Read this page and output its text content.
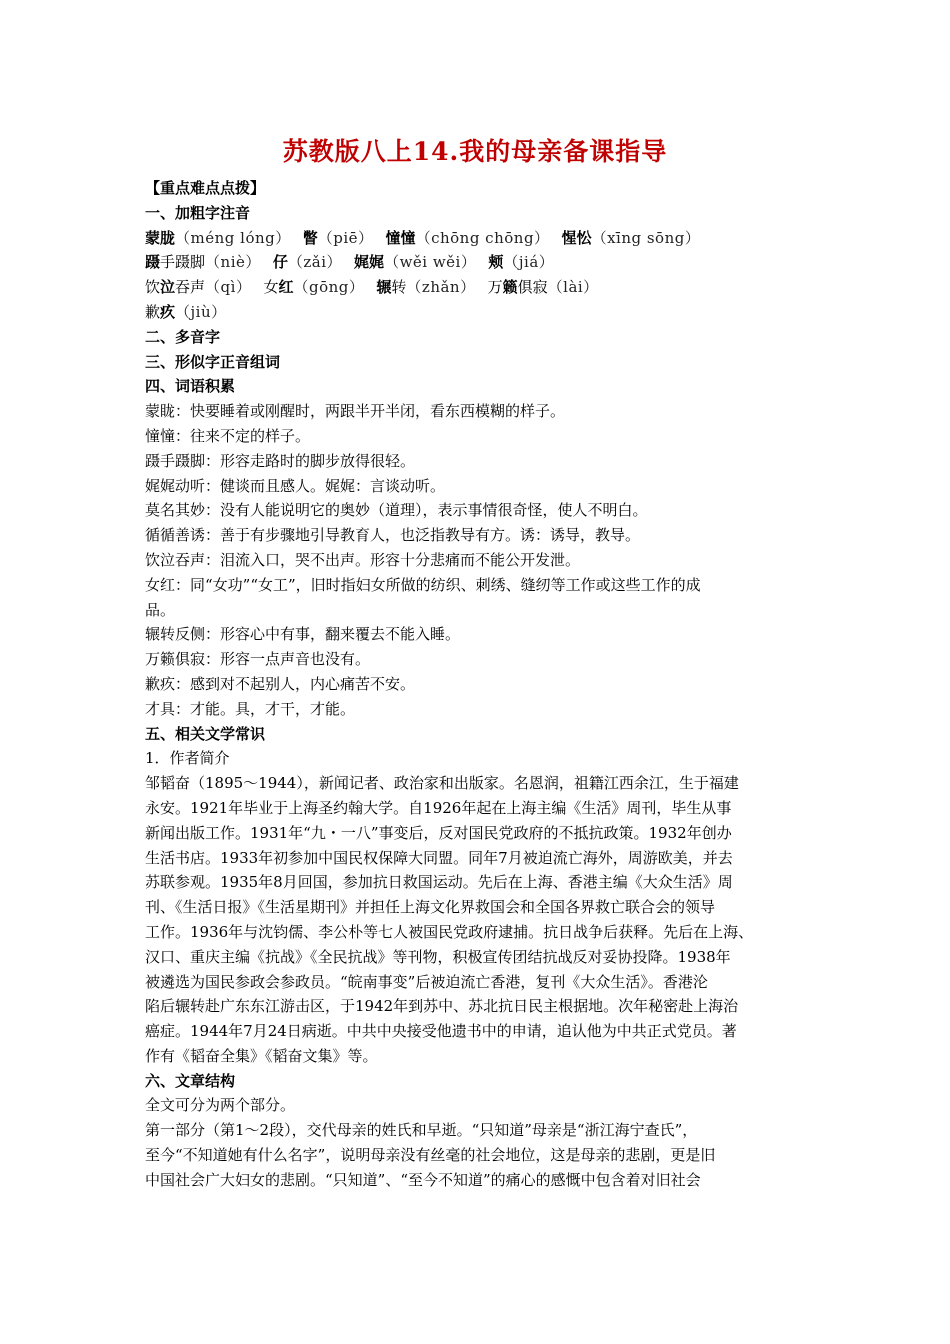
苏教版八上14.我的母亲备课指导
【重点难点点拨】
一、加粗字注音
蒙胧（méng lóng） 瞥（piē） 憧憧（chōng chōng） 惺忪（xīng sōng）
蹑手蹑脚（niè） 仔（zǎi） 娓娓（wěi wěi） 颊（jiá）
饮泣吞声（qì） 女红（gōng） 辗转（zhǎn） 万籁俱寂（lài）
歉疚（jiù）
二、多音字
三、形似字正音组词
四、词语积累
蒙眬：快要睡着或刚醒时，两跟半开半闭，看东西模糊的样子。
憧憧：往来不定的样子。
蹑手蹑脚：形容走路时的脚步放得很轻。
娓娓动听：健谈而且感人。娓娓：言谈动听。
莫名其妙：没有人能说明它的奥妙（道理），表示事情很奇怪，使人不明白。
循循善诱：善于有步骤地引导教育人，也泛指教导有方。诱：诱导，教导。
饮泣吞声：泪流入口，哭不出声。形容十分悲痛而不能公开发泄。
女红：同“女功”“女工”，旧时指妇女所做的纺织、刺绣、缝纫等工作或这些工作的成
品。
辗转反侧：形容心中有事，翻来覆去不能入睡。
万籁俱寂：形容一点声音也没有。
歉疚：感到对不起别人，内心痛苦不安。
才具：才能。具，才干，才能。
五、相关文学常识
1．作者简介
邹韬奋（1895～1944），新闻记者、政治家和出版家。名恩润，祖籍江西余江，生于福建
永安。1921年毕业于上海圣约翰大学。自1926年起在上海主编《生活》周刊，毕生从事
新闻出版工作。1931年“九・一八”事变后，反对国民党政府的不抵抗政策。1932年创办
生活书店。1933年初参加中国民权保障大同盟。同年7月被迫流亡海外，周游欧美，并去
苏联参观。1935年8月回国，参加抗日救国运动。先后在上海、香港主编《大众生活》周
刊、《生活日报》《生活星期刊》并担任上海文化界救国会和全国各界救亡联合会的领导
工作。1936年与沈钧儒、李公朴等七人被国民党政府逮捕。抗日战争后获释。先后在上海、
汉口、重庆主编《抗战》《全民抗战》等刊物，积极宣传团结抗战反对妥协投降。1938年
被遴选为国民参政会参政员。“皖南事变”后被迫流亡香港，复刊《大众生活》。香港沦
陷后辗转赴广东东江游击区，于1942年到苏中、苏北抗日民主根据地。次年秘密赴上海治
癌症。1944年7月24日病逝。中共中央接受他遗书中的申请，追认他为中共正式党员。著
作有《韬奋全集》《韬奋文集》等。
六、文章结构
全文可分为两个部分。
第一部分（第1～2段），交代母亲的姓氏和早逝。“只知道”母亲是“浙江海宁查氏”，
至今“不知道她有什么名字”，说明母亲没有丝毫的社会地位，这是母亲的悲剧，更是旧
中国社会广大妇女的悲剧。“只知道”、“至今不知道”的痛心的感慨中包含着对旧社会
